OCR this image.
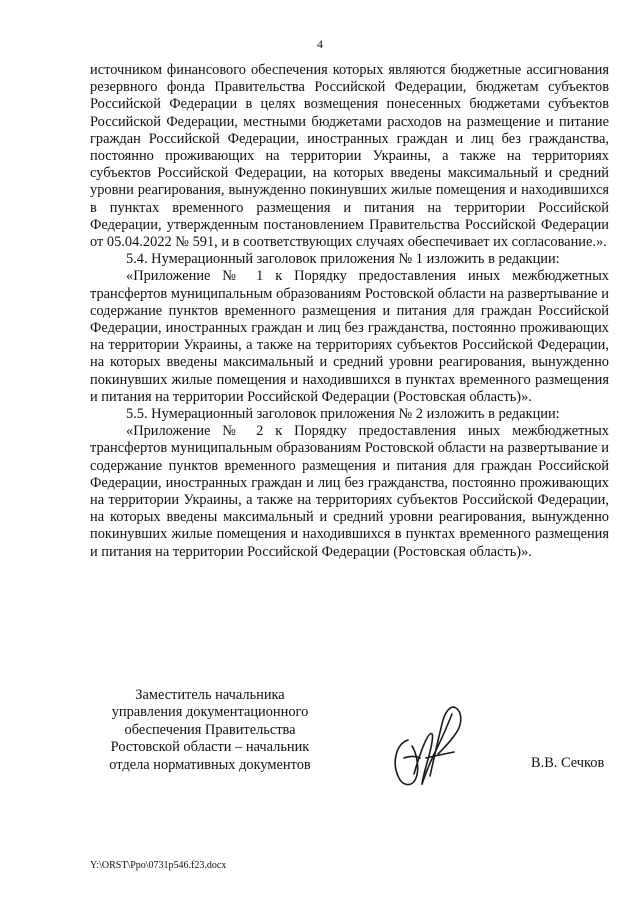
4

источником финансового обеспечения которых являются бюджетные ассигнования резервного фонда Правительства Российской Федерации, бюджетам субъектов Российской Федерации в целях возмещения понесенных бюджетами субъектов Российской Федерации, местными бюджетами расходов на размещение и питание граждан Российской Федерации, иностранных граждан и лиц без гражданства, постоянно проживающих на территории Украины, а также на территориях субъектов Российской Федерации, на которых введены максимальный и средний уровни реагирования, вынужденно покинувших жилые помещения и находившихся в пунктах временного размещения и питания на территории Российской Федерации, утвержденным постановлением Правительства Российской Федерации от 05.04.2022 № 591, и в соответствующих случаях обеспечивает их согласование.».

5.4. Нумерационный заголовок приложения № 1 изложить в редакции:

«Приложение № 1 к Порядку предоставления иных межбюджетных трансфертов муниципальным образованиям Ростовской области на развертывание и содержание пунктов временного размещения и питания для граждан Российской Федерации, иностранных граждан и лиц без гражданства, постоянно проживающих на территории Украины, а также на территориях субъектов Российской Федерации, на которых введены максимальный и средний уровни реагирования, вынужденно покинувших жилые помещения и находившихся в пунктах временного размещения и питания на территории Российской Федерации (Ростовская область)».

5.5. Нумерационный заголовок приложения № 2 изложить в редакции:

«Приложение № 2 к Порядку предоставления иных межбюджетных трансфертов муниципальным образованиям Ростовской области на развертывание и содержание пунктов временного размещения и питания для граждан Российской Федерации, иностранных граждан и лиц без гражданства, постоянно проживающих на территории Украины, а также на территориях субъектов Российской Федерации, на которых введены максимальный и средний уровни реагирования, вынужденно покинувших жилые помещения и находившихся в пунктах временного размещения и питания на территории Российской Федерации (Ростовская область)».

Заместитель начальника
управления документационного
обеспечения Правительства
Ростовской области – начальник
отдела нормативных документов	В.В. Сечков
Y:\ORST\Ppo\0731p546.f23.docx
